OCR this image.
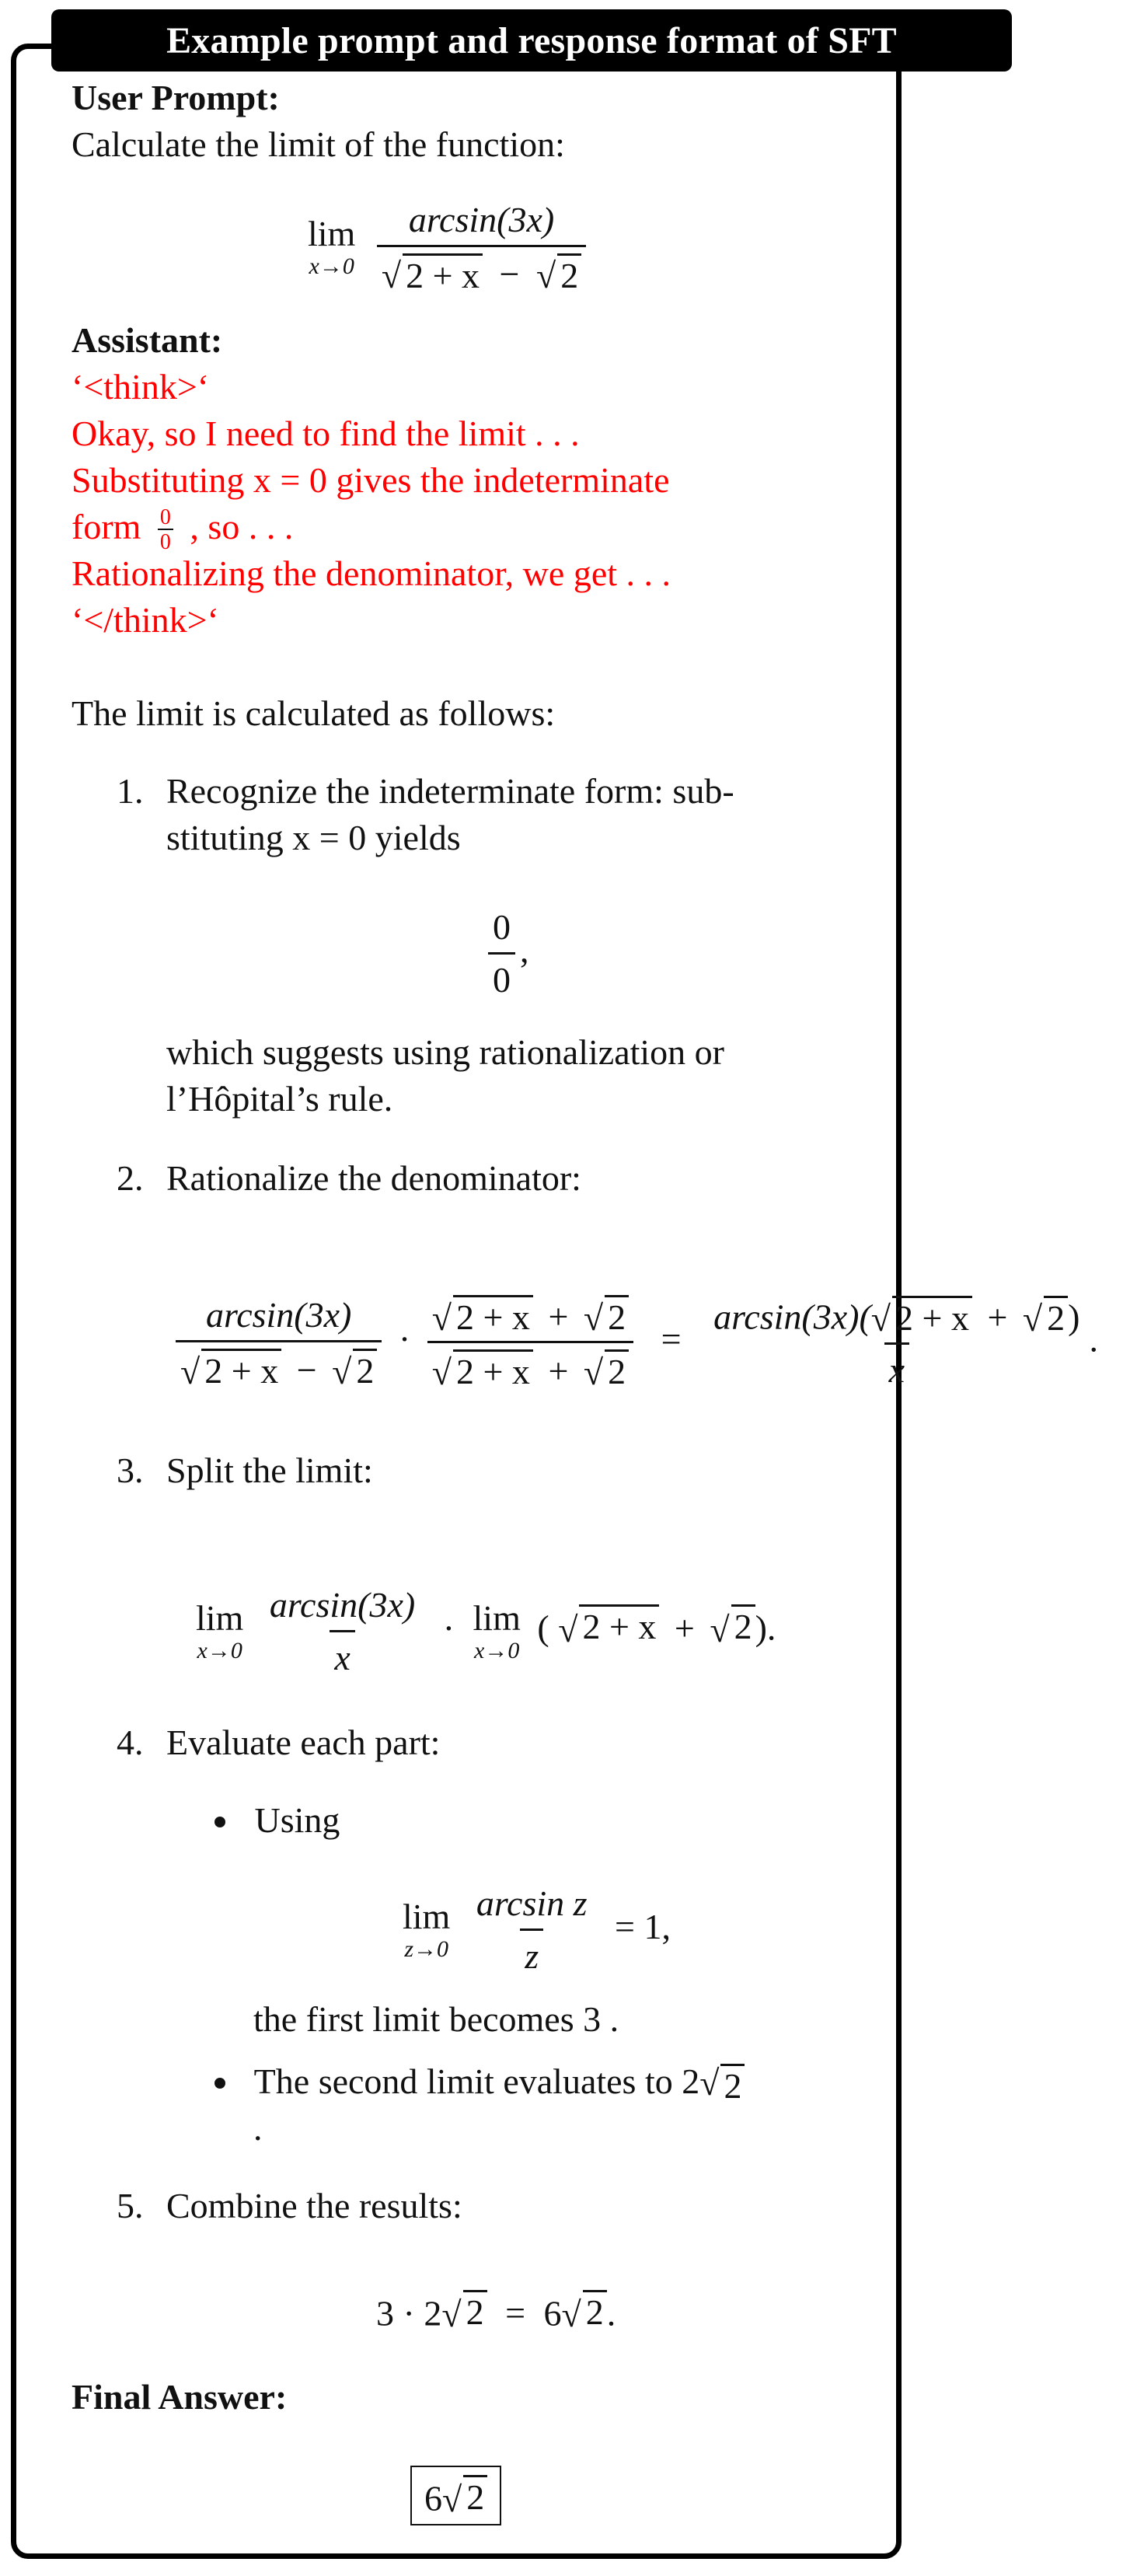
Example prompt and response format of SFT
User Prompt:
Calculate the limit of the function:
lim
x→0
$\frac{\arcsin(3x)}{√ 2 + x - √ 2}$
Assistant:
‘<think>‘
Okay, so I need to find the limit . . .
Substituting x = 0 gives the indeterminate
form $\frac{0}{0}$ , so . . .
Rationalizing the denominator, we get . . .
‘</think>‘
The limit is calculated as follows:
1. Recognize the indeterminate form: sub-
stituting x = 0 yields
$\frac{0}{0}$ ,
which suggests using rationalization or
l’Hôpital’s rule.
2. Rationalize the denominator:
$\frac{\arcsin(3x)}{√ 2 + x - √ 2} \cdot \frac{√ 2 + x + √ 2}{√ 2 + x + √ 2} = \frac{\arcsin(3x)( √ 2 + x + √ 2 )}{x}$ .
3. Split the limit:
lim
x→0
$\frac{\arcsin(3x)}{x} \cdot \lim$
x→0
( √ 2 + x + √ 2 ).
4. Evaluate each part:
Using
lim
z→0
$\frac{\text{arcsin z}}{z} = 1$,
the first limit becomes 3 .
The second limit evaluates to 2 √ 2
.
5. Combine the results:
3 · 2 √ 2 = 6 √ 2 .
Final Answer:
6 √ 2
